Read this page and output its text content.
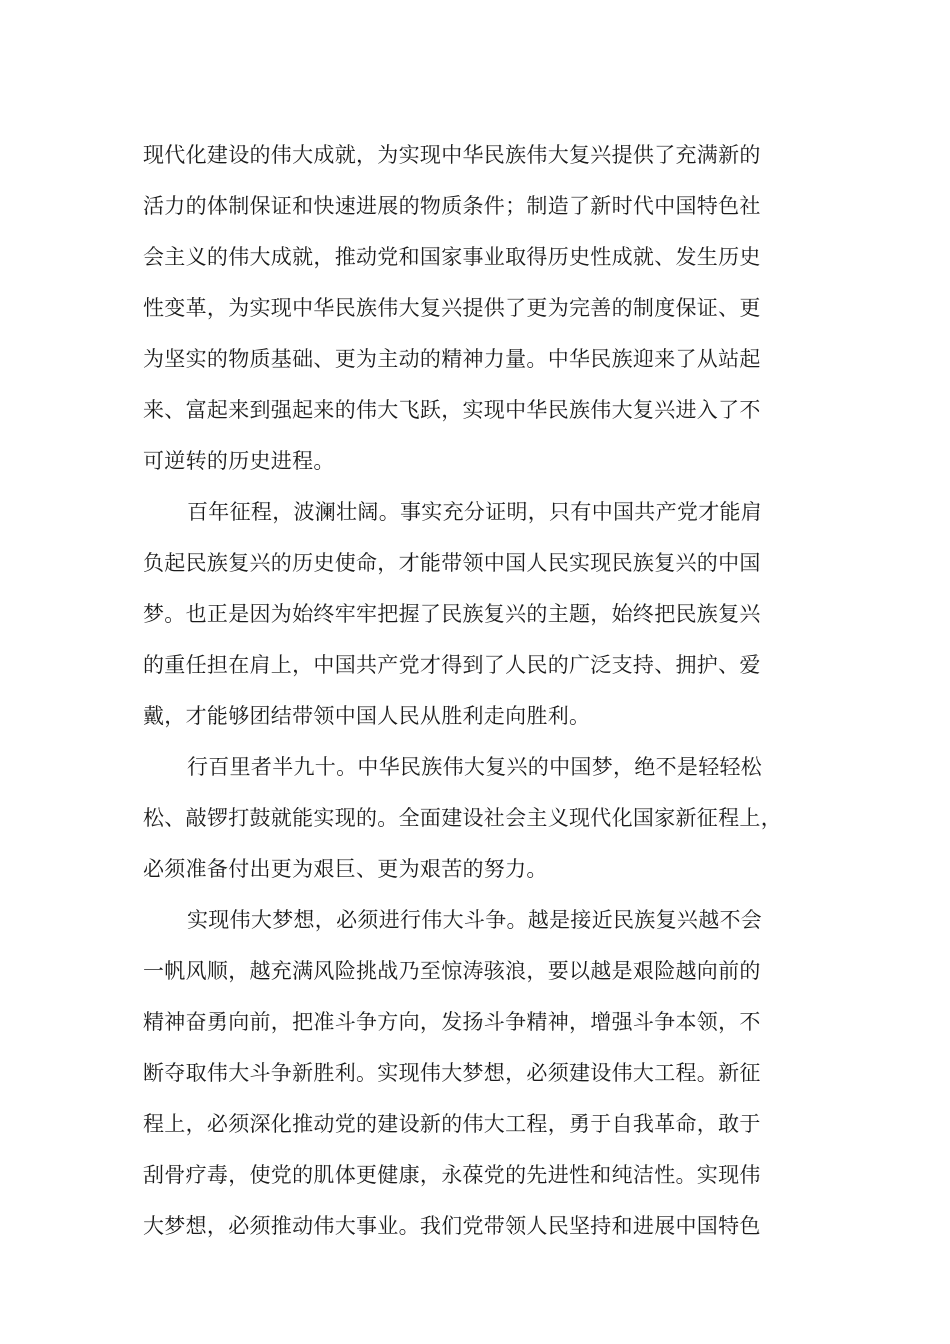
现代化建设的伟大成就，为实现中华民族伟大复兴提供了充满新的
活力的体制保证和快速进展的物质条件；制造了新时代中国特色社
会主义的伟大成就，推动党和国家事业取得历史性成就、发生历史
性变革，为实现中华民族伟大复兴提供了更为完善的制度保证、更
为坚实的物质基础、更为主动的精神力量。中华民族迎来了从站起
来、富起来到强起来的伟大飞跃，实现中华民族伟大复兴进入了不
可逆转的历史进程。
百年征程，波澜壮阔。事实充分证明，只有中国共产党才能肩
负起民族复兴的历史使命，才能带领中国人民实现民族复兴的中国
梦。也正是因为始终牢牢把握了民族复兴的主题，始终把民族复兴
的重任担在肩上，中国共产党才得到了人民的广泛支持、拥护、爱
戴，才能够团结带领中国人民从胜利走向胜利。
行百里者半九十。中华民族伟大复兴的中国梦，绝不是轻轻松
松、敲锣打鼓就能实现的。全面建设社会主义现代化国家新征程上，
必须准备付出更为艰巨、更为艰苦的努力。
实现伟大梦想，必须进行伟大斗争。越是接近民族复兴越不会
一帆风顺，越充满风险挑战乃至惊涛骇浪，要以越是艰险越向前的
精神奋勇向前，把准斗争方向，发扬斗争精神，增强斗争本领，不
断夺取伟大斗争新胜利。实现伟大梦想，必须建设伟大工程。新征
程上，必须深化推动党的建设新的伟大工程，勇于自我革命，敢于
刮骨疗毒，使党的肌体更健康，永葆党的先进性和纯洁性。实现伟
大梦想，必须推动伟大事业。我们党带领人民坚持和进展中国特色
